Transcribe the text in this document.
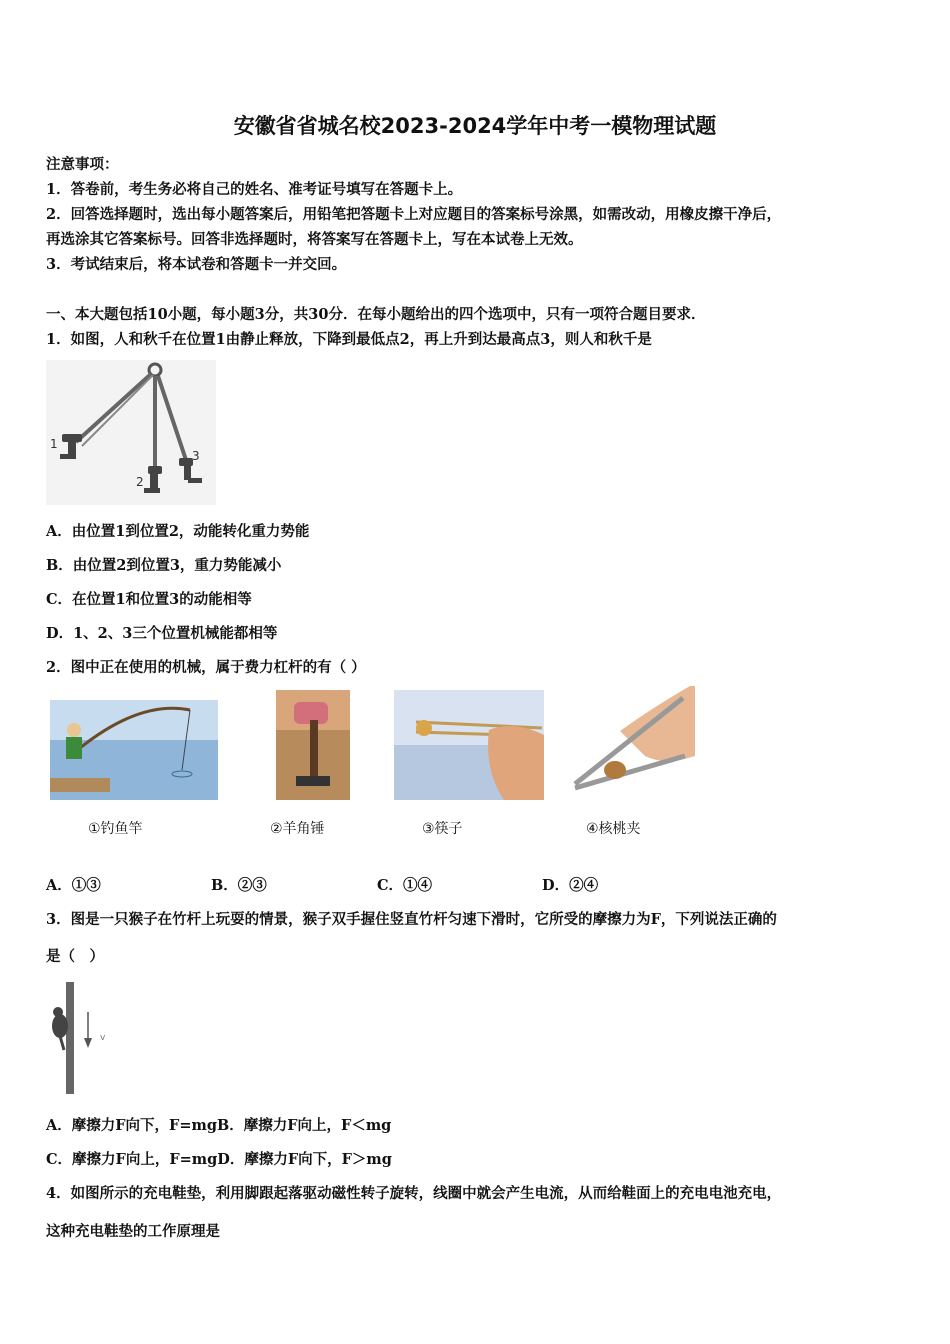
安徽省省城名校2023-2024学年中考一模物理试题
注意事项：
1．答卷前，考生务必将自己的姓名、准考证号填写在答题卡上。
2．回答选择题时，选出每小题答案后，用铅笔把答题卡上对应题目的答案标号涂黑，如需改动，用橡皮擦干净后，
再选涂其它答案标号。回答非选择题时，将答案写在答题卡上，写在本试卷上无效。
3．考试结束后，将本试卷和答题卡一并交回。
一、本大题包括10小题，每小题3分，共30分．在每小题给出的四个选项中，只有一项符合题目要求．
1．如图，人和秋千在位置1由静止释放，下降到最低点2，再上升到达最高点3，则人和秋千是
1
2
3
A．由位置1到位置2，动能转化重力势能
B．由位置2到位置3，重力势能减小
C．在位置1和位置3的动能相等
D．1、2、3三个位置机械能都相等
2．图中正在使用的机械，属于费力杠杆的有（ ）
①钓鱼竿	②羊角锤	③筷子	④核桃夹
A．①③	B．②③	C．①④	D．②④
3．图是一只猴子在竹杆上玩耍的情景，猴子双手握住竖直竹杆匀速下滑时，它所受的摩擦力为F，下列说法正确的
是（　）
v
A．摩擦力F向下，F=mgB．摩擦力F向上，F＜mg
C．摩擦力F向上，F=mgD．摩擦力F向下，F＞mg
4．如图所示的充电鞋垫，利用脚跟起落驱动磁性转子旋转，线圈中就会产生电流，从而给鞋面上的充电电池充电，
这种充电鞋垫的工作原理是
